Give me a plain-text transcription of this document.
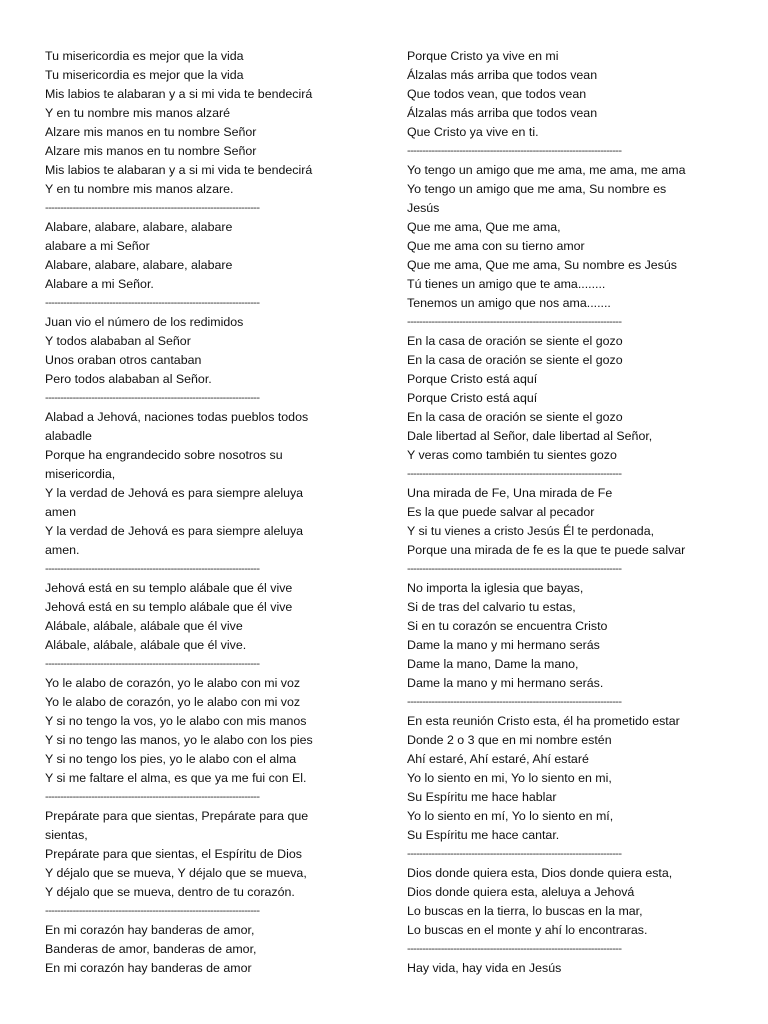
Tu misericordia es mejor que la vida
Tu misericordia es mejor que la vida
Mis labios te alabaran y a si mi vida te bendecirá
Y en tu nombre mis manos alzaré
Alzare mis manos en tu nombre Señor
Alzare mis manos en tu nombre Señor
Mis labios te alabaran y a si mi vida te bendecirá
Y en tu nombre mis manos alzare.
----------------------------------------------------------------------
Alabare, alabare, alabare, alabare
alabare a mi Señor
Alabare, alabare, alabare, alabare
Alabare a mi Señor.
----------------------------------------------------------------------
Juan vio el número de los redimidos
Y todos alababan al Señor
Unos oraban otros cantaban
Pero todos alababan al Señor.
----------------------------------------------------------------------
Alabad a Jehová, naciones todas pueblos todos
alabadle
Porque ha engrandecido sobre nosotros su
misericordia,
Y la verdad de Jehová es para siempre aleluya
amen
Y la verdad de Jehová es para siempre aleluya
amen.
----------------------------------------------------------------------
Jehová está en su templo alábale que él vive
Jehová está en su templo alábale que él vive
Alábale, alábale, alábale que él vive
Alábale, alábale, alábale que él vive.
----------------------------------------------------------------------
Yo le alabo de corazón, yo le alabo con mi voz
Yo le alabo de corazón, yo le alabo con mi voz
Y si no tengo la vos, yo le alabo con mis manos
Y si no tengo las manos, yo le alabo con los pies
Y si no tengo los pies, yo le alabo con el alma
Y si me faltare el alma, es que ya me fui con El.
----------------------------------------------------------------------
Prepárate para que sientas, Prepárate para que
sientas,
Prepárate para que sientas, el Espíritu de Dios
Y déjalo que se mueva, Y déjalo que se mueva,
Y déjalo que se mueva, dentro de tu corazón.
----------------------------------------------------------------------
En mi corazón hay banderas de amor,
Banderas de amor, banderas de amor,
En mi corazón hay banderas de amor
Porque Cristo ya vive en mi
Álzalas más arriba que todos vean
Que todos vean, que todos vean
Álzalas más arriba que todos vean
Que Cristo ya vive en ti.
----------------------------------------------------------------------
Yo tengo un amigo que me ama, me ama, me ama
Yo tengo un amigo que me ama, Su nombre es
Jesús
Que me ama, Que me ama,
Que me ama con su tierno amor
Que me ama, Que me ama, Su nombre es Jesús
Tú tienes un amigo que te ama........
Tenemos un amigo que nos ama.......
----------------------------------------------------------------------
En la casa de oración se siente el gozo
En la casa de oración se siente el gozo
Porque Cristo está aquí
Porque Cristo está aquí
En la casa de oración se siente el gozo
Dale libertad al Señor, dale libertad al Señor,
Y veras como también tu sientes gozo
----------------------------------------------------------------------
Una mirada de Fe, Una mirada de Fe
Es la que puede salvar al pecador
Y si tu vienes a cristo Jesús Él te perdonada,
Porque una mirada de fe es la que te puede salvar
----------------------------------------------------------------------
No importa la iglesia que bayas,
Si de tras del calvario tu estas,
Si en tu corazón se encuentra Cristo
Dame la mano y mi hermano serás
Dame la mano, Dame la mano,
Dame la mano y mi hermano serás.
----------------------------------------------------------------------
En esta reunión Cristo esta, él ha prometido estar
Donde 2 o 3 que en mi nombre estén
Ahí estaré, Ahí estaré, Ahí estaré
Yo lo siento en mi, Yo lo siento en mi,
Su Espíritu me hace hablar
Yo lo siento en mí, Yo lo siento en mí,
Su Espíritu me hace cantar.
----------------------------------------------------------------------
Dios donde quiera esta, Dios donde quiera esta,
Dios donde quiera esta, aleluya a Jehová
Lo buscas en la tierra, lo buscas en la mar,
Lo buscas en el monte y ahí lo encontraras.
----------------------------------------------------------------------
Hay vida, hay vida en Jesús
